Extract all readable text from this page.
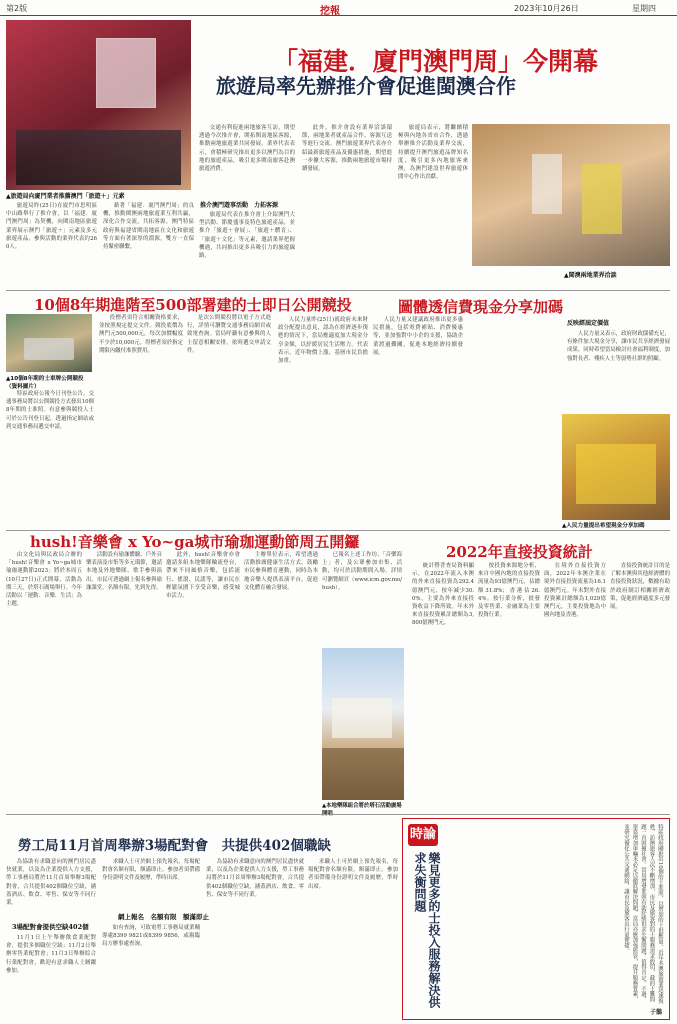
第2版	挖報	2023年10月26日	星期四
▲旅遊局向廈門業者推薦澳門「旅遊＋」元素
「福建．廈門澳門周」今開幕
旅遊局率先辦推介會促進閩澳合作

旅遊局昨(25日)在廈門市思明區中山路舉行了推介會，以「福建．廈門澳門周」為契機，向閩南地區旅遊業界展示澳門「旅遊＋」元素及多元旅遊產品，參與活動的業界代表約260人。

藉著「福建．廈門澳門周」的良機，推動閩澳兩地旅遊業互利共贏，深化合作交流，共拓客源。澳門特區政府與福建省閩南地區在文化和旅遊等方面有著深厚的淵源，雙方一直保持緊密聯繫。

交通有利促進兩地旅客互訪，期望透過今次推介會，開拓閩南地區客源，推動兩地旅遊業共同發展。業界代表表示，會積極研究推出更多以澳門為目的地的旅遊產品，吸引更多閩南旅客赴澳旅遊消費。

推介澳門遊事活動　力拓客源

旅遊局代表在推介會上介紹澳門大型活動、節慶盛事及特色旅遊產品，並推介「旅遊＋會展」、「旅遊＋體育」、「旅遊＋文化」等元素，邀請業界把握機遇，共同推出更多具吸引力的旅遊線路。

此外，推介會設有業界洽談環節，兩地業者就產品合作、客源互送等進行交流。澳門旅遊業界代表亦介紹最新旅遊產品及優惠措施，期望進一步擴大客源，推動兩地旅遊市場持續發展。

旅遊局表示，將繼續積極與內地各省市合作，透過舉辦推介活動及業界交流，持續提升澳門旅遊品牌知名度，吸引更多內地旅客來澳，為澳門建設世界旅遊休閒中心作出貢獻。

▲閩澳兩地業界洽談
10個8年期進階至500部署建的士即日公開競投
▲10個8年期的士車牌公開競投（資料圖片）

特區政府公報今日刊登公告，交通事務局將以公開競投方式發出10個8年期的士准照。有意參與競投人士可於公告刊登日起，透過指定網站或到交通事務局遞交申請。

投標者須符合相關資格要求，並按照規定提交文件。競投底價為澳門元500,000元，每次加價幅度不少於10,000元。得標者須於指定期限內繳付准照費用。

是次公開競投將以電子方式進行，詳情可瀏覽交通事務局網頁或致電查詢。當局呼籲有意參與的人士留意相關安排，依時遞交申請文件。

圖體透信費現金分享加碼

人民力量昨(25日)就政府未來財政分配提出意見，認為在經濟逐步復甦的情況下，當局應適度加大現金分享金額，以紓緩居民生活壓力。代表表示，近年物價上漲，基層市民負擔加重。

人民力量又建議政府推出更多惠民措施，包括電費補貼、消費優惠等，並加強對中小企的支援，協助企業渡過難關，促進本地經濟持續發展。

反映經屆定價值

人民力量又表示，政府財政儲備充足，有條件加大現金分享，讓市民共享經濟發展成果。同時希望當局檢討社會福利制度，加強對長者、殘疾人士等弱勢社群的照顧。

▲人民力量提出希望現金分享加碼
hush!音樂會 x Yo~ga城市瑜珈運動節周五開鑼

由文化局與民政局合辦的「hush!音樂會 x Yo~ga城市瑜珈運動節2023」將於本周五(10月27日)正式開幕，活動為期三天，於塔石廣場舉行。今年活動以「運動．音樂．生活」為主題。

活動設有瑜珈體驗、戶外音樂表演及市集等多元環節，邀請本地及外地樂隊、歌手參與演出。市民可透過網上報名參與瑜珈課堂，名額有限，先到先得。

此外，hush!音樂會亦會邀請多組本地樂隊輪流登台，帶來不同風格音樂，包括流行、搖滾、民謠等，讓市民在輕鬆氛圍下享受音樂，感受城市活力。

主辦單位表示，希望透過活動推廣健康生活方式，鼓勵市民參與體育運動，同時為本地音樂人提供表演平台，促進文化體育融合發展。

已報名上述工作坊、「音樂海上」者，及公眾參加市集、活動，均可於活動期間入場，詳情可瀏覽網頁（www.icm.gov.mo/hush）。

▲本地樂隊組合將於塔石活動廣場開唱
2022年直接投資統計

統計暨普查局資料顯示，在2022年流入本澳的外來直接投資為292.4億澳門元，按年減少30.0%，主要為外來直接投資收益下降所致。年末外來直接投資累計總額為3,800億澳門元。

按投資來源地分析，來自中國內地的直接投資流量為93億澳門元，佔總額31.8%；香港佔26.4%。按行業分析，批發及零售業、金融業為主要投資行業。

在境外直接投資方面，2022年本澳企業在境外直接投資流量為16.1億澳門元。年末對外直接投資累計總額為1,029億澳門元，主要投資地為中國內地及香港。

直接投資統計目的是了解本澳與其他經濟體的直接投資狀況，數據有助於政府制訂相關經濟政策，促進經濟適度多元發展。

勞工局11月首周舉辦3場配對會　共提供402個職缺

為協助有求職意向的澳門居民盡快就業，以及為企業提供人力支援，勞工事務局將於11月首周舉辦3場配對會，合共提供402個職位空缺，涵蓋酒店、飲食、零售、保安等不同行業。

3場配對會提供空缺402個

11月1日上午舉辦飲食業配對會，提供多個職位空缺；11月2日舉辦零售業配對會；11月3日舉辦綜合行業配對會，歡迎有意求職人士踴躍參加。

求職人士可於網上預先報名，每場配對會名額有限，額滿即止。參加者須帶備身份證明文件及履歷，準時出席。

網上報名　名額有限　額滿即止

如有查詢，可致電勞工事務局就業輔導處8399 9821或8399 9856，或親臨局方辦事處查詢。

為協助有求職意向的澳門居民盡快就業，以及為企業提供人力支援，勞工事務局將於11月首周舉辦3場配對會，合共提供402個職位空缺，涵蓋酒店、飲食、零售、保安等不同行業。

求職人士可於網上預先報名，每場配對會名額有限，額滿即止。參加者須帶備身份證明文件及履歷，準時出席。

時論
樂見更多的士投入服務解決供求失衡問題	特區政府剛批出10個的士准照，以增加的士供應量。近年本澳旅遊業迅速復甦，訪澳旅客人次不斷增加，市民及旅客對的士服務需求殷切，截的士難問題一直困擾社會。當局增發准照有助紓緩供求失衡問題，值得肯定。不過，單靠增加車輛未必足以徹底解決問題，當局亦應加強監管，提升服務質素，並研究優化公共交通網絡，讓市民及旅客出行更便捷。
子鵝
